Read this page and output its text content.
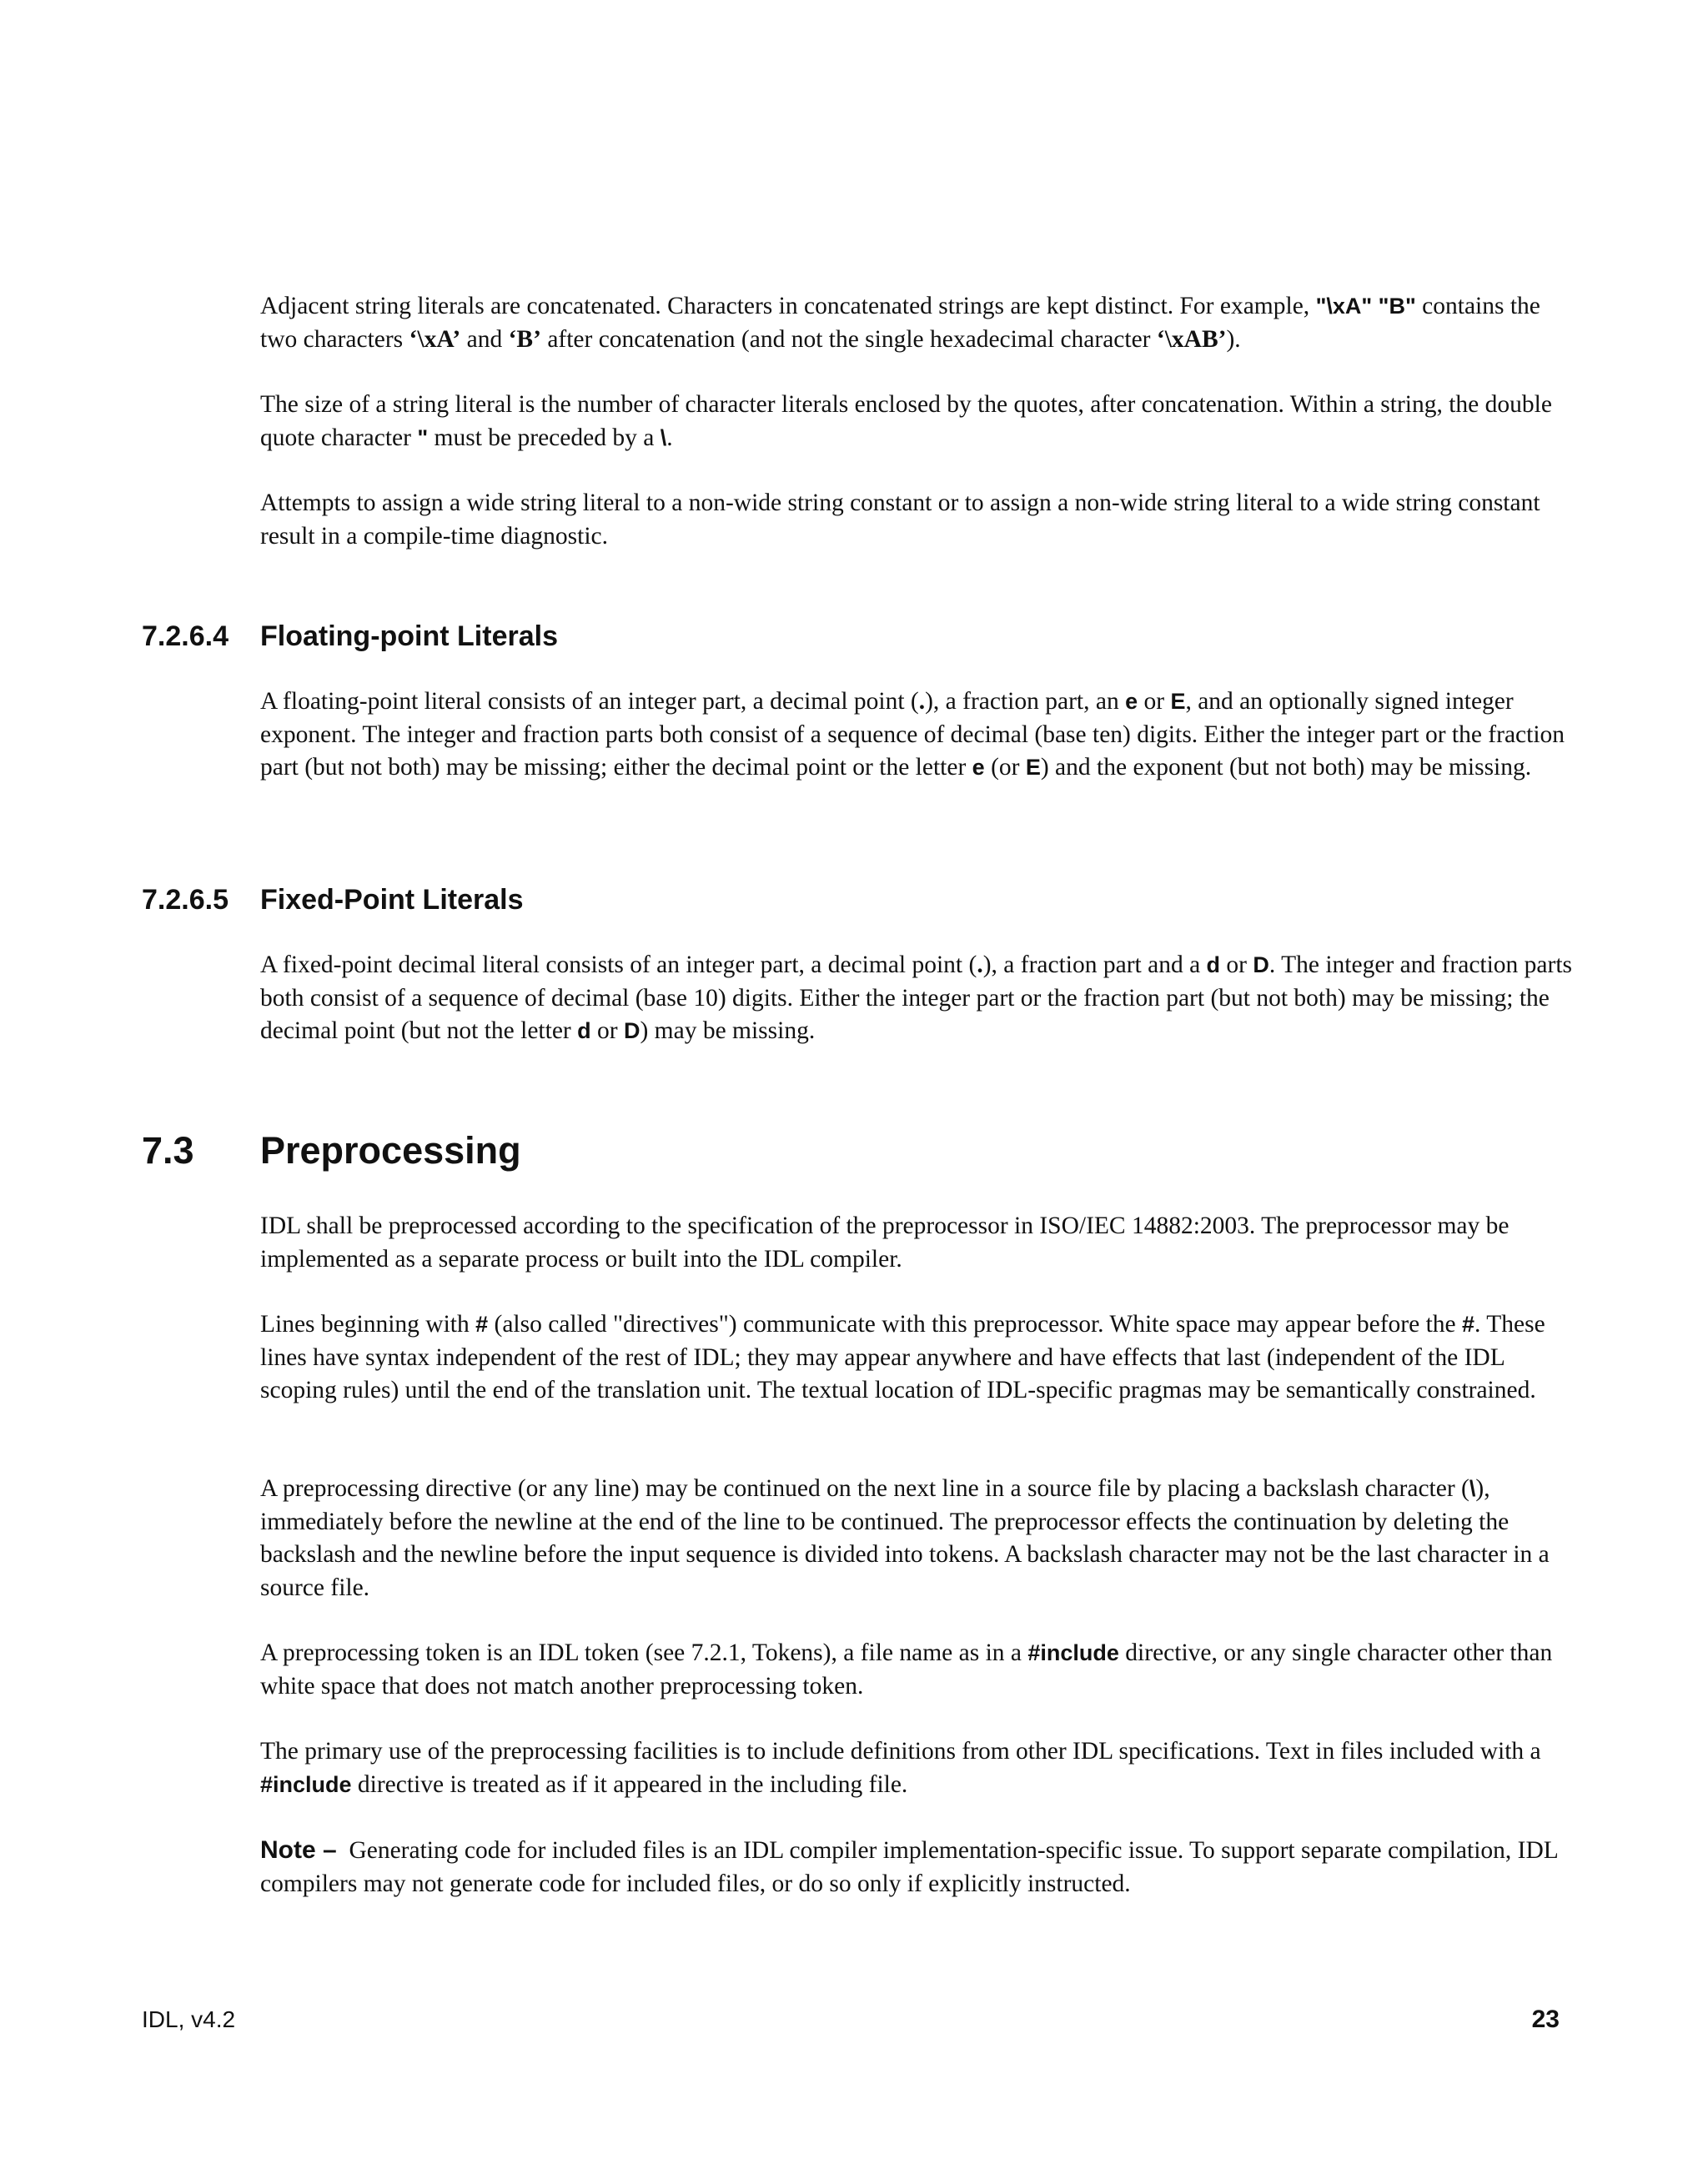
Adjacent string literals are concatenated. Characters in concatenated strings are kept distinct. For example, "\xA" "B" contains the two characters ‘\xA’ and ‘B’ after concatenation (and not the single hexadecimal character ‘\xAB’).

The size of a string literal is the number of character literals enclosed by the quotes, after concatenation. Within a string, the double quote character " must be preceded by a \.

Attempts to assign a wide string literal to a non-wide string constant or to assign a non-wide string literal to a wide string constant result in a compile-time diagnostic.

7.2.6.4 Floating-point Literals

A floating-point literal consists of an integer part, a decimal point (.), a fraction part, an e or E, and an optionally signed integer exponent. The integer and fraction parts both consist of a sequence of decimal (base ten) digits. Either the integer part or the fraction part (but not both) may be missing; either the decimal point or the letter e (or E) and the exponent (but not both) may be missing.

7.2.6.5 Fixed-Point Literals

A fixed-point decimal literal consists of an integer part, a decimal point (.), a fraction part and a d or D. The integer and fraction parts both consist of a sequence of decimal (base 10) digits. Either the integer part or the fraction part (but not both) may be missing; the decimal point (but not the letter d or D) may be missing.

7.3 Preprocessing

IDL shall be preprocessed according to the specification of the preprocessor in ISO/IEC 14882:2003. The preprocessor may be implemented as a separate process or built into the IDL compiler.

Lines beginning with # (also called "directives") communicate with this preprocessor. White space may appear before the #. These lines have syntax independent of the rest of IDL; they may appear anywhere and have effects that last (independent of the IDL scoping rules) until the end of the translation unit. The textual location of IDL-specific pragmas may be semantically constrained.

A preprocessing directive (or any line) may be continued on the next line in a source file by placing a backslash character (\), immediately before the newline at the end of the line to be continued. The preprocessor effects the continuation by deleting the backslash and the newline before the input sequence is divided into tokens. A backslash character may not be the last character in a source file.

A preprocessing token is an IDL token (see 7.2.1, Tokens), a file name as in a #include directive, or any single character other than white space that does not match another preprocessing token.

The primary use of the preprocessing facilities is to include definitions from other IDL specifications. Text in files included with a #include directive is treated as if it appeared in the including file.

Note –  Generating code for included files is an IDL compiler implementation-specific issue. To support separate compilation, IDL compilers may not generate code for included files, or do so only if explicitly instructed.

IDL, v4.2	23
